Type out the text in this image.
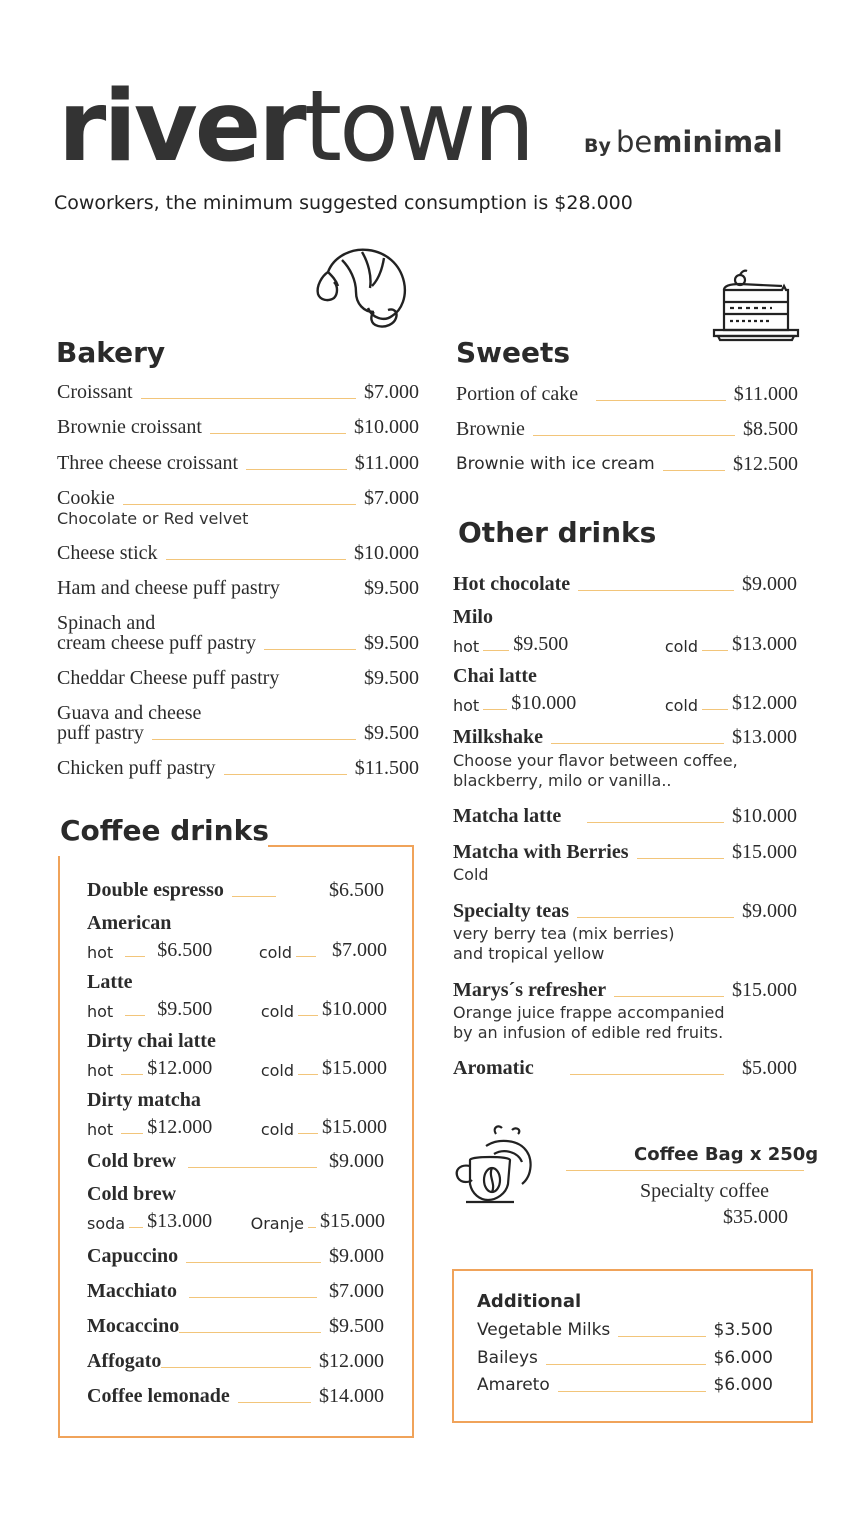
rivertown	By beminimal
Coworkers, the minimum suggested consumption is $28.000
Bakery
Croissant	$7.000
Brownie croissant	$10.000
Three cheese croissant	$11.000
Cookie	$7.000
Chocolate or Red velvet
Cheese stick	$10.000
Ham and cheese puff pastry	$9.500
Spinach and
cream cheese puff pastry	$9.500
Cheddar Cheese puff pastry	$9.500
Guava and cheese
puff pastry	$9.500
Chicken puff pastry	$11.500
Sweets
Portion of cake	$11.000
Brownie	$8.500
Brownie with ice cream	$12.500
Other drinks
Hot chocolate	$9.000
Milo
hot $9.500	cold $13.000
Chai latte
hot $10.000	cold $12.000
Milkshake	$13.000
Choose your flavor between coffee,
blackberry, milo or vanilla..
Matcha latte	$10.000
Matcha with Berries	$15.000
Cold
Specialty teas	$9.000
very berry tea (mix berries)
and tropical yellow
Marys´s refresher	$15.000
Orange juice frappe accompanied
by an infusion of edible red fruits.
Aromatic	$5.000
Coffee Bag x 250g
Specialty coffee
$35.000
Additional
Vegetable Milks	$3.500
Baileys	$6.000
Amareto	$6.000
Coffee drinks
Double espresso	$6.500
American
hot $6.500	cold $7.000
Latte
hot $9.500	cold $10.000
Dirty chai latte
hot $12.000	cold $15.000
Dirty matcha
hot $12.000	cold $15.000
Cold brew	$9.000
Cold brew
soda $13.000 Oranje $15.000
Capuccino	$9.000
Macchiato	$7.000
Mocaccino	$9.500
Affogato	$12.000
Coffee lemonade	$14.000
